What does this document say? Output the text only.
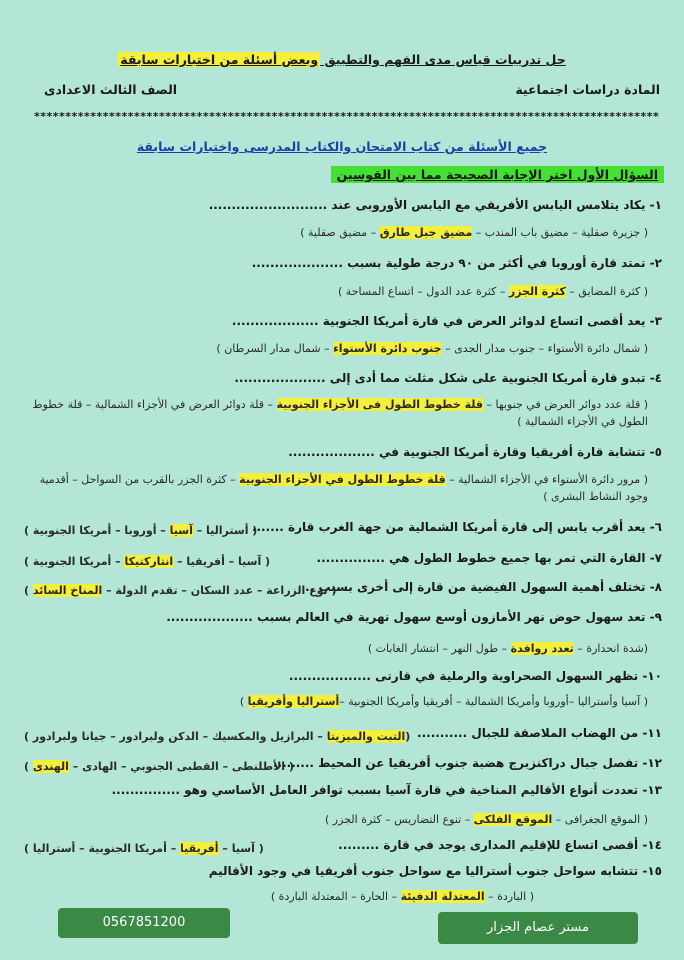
حل تدريبات قياس مدى الفهم والتطبيق وبعض أسئلة من اختبارات سابقة
المادة دراسات اجتماعية
الصف الثالث الاعدادى
****************************************************************************************************
جميع الأسئلة من كتاب الامتحان والكتاب المدرسى واختبارات سابقة
السؤال الأول اختر الإجابة الصحيحة مما بين القوسين
١- يكاد يتلامس اليابس الأفريقي مع اليابس الأوروبى عند ..........................
( جزيرة صقلية – مضيق باب المندب – مضيق جبل طارق – مضيق صقلية )
٢- تمتد قارة أوروبا في أكثر من ٩٠ درجة طولية بسبب ....................
( كثرة المضايق – كثرة الجزر – كثرة عدد الدول – اتساع المساحة )
٣- يعد أقصى اتساع لدوائر العرض في قارة أمريكا الجنوبية ...................
( شمال دائرة الأستواء – جنوب مدار الجدى – جنوب دائرة الأستواء – شمال مدار السرطان )
٤- تبدو قارة أمريكا الجنوبية على شكل مثلث مما أدى إلى ....................
( قلة عدد دوائر العرض في جنوبها – قلة خطوط الطول فى الأجزاء الجنوبية – قلة دوائر العرض في الأجزاء الشمالية – قلة خطوط الطول في الأجزاء الشمالية )
٥- تتشابة قارة أفريقيا وقارة أمريكا الجنوبية في ...................
( مرور دائرة الأستواء في الأجزاء الشمالية – قلة خطوط الطول في الأجزاء الجنوبية – كثرة الجزر بالقرب من السواحل – أقدمية وجود النشاط البشرى )
٦- يعد أقرب يابس إلى قارة أمريكا الشمالية من جهة الغرب قارة .......
( أستراليا – آسيا – أوروبا – أمريكا الجنوبية )
٧- القارة التي تمر بها جميع خطوط الطول هي ...............
( آسيا – أفريقيا – انتاركتيكا – أمريكا الجنوبية )
٨- تختلف أهمية السهول الفيضية من قارة إلى أخرى بسبب ..
( نوع الزراعة – عدد السكان – تقدم الدولة – المناخ السائد )
٩- تعد سهول حوض نهر الأمازون أوسع سهول نهرية في العالم بسبب ...................
(شدة انحدارة – تعدد روافدة – طول النهر – انتشار الغابات )
١٠- تظهر السهول الصحراوية والرملية في قارتى ..................
( آسيا وأستراليا –أوروبا وأمريكا الشمالية – أفريقيا وأمريكا الجنوبية –أستراليا وأفريقيا )
١١- من الهضاب الملاصقة للجبال ...........
(التبت والميزيتا – البرازيل والمكسيك – الدكن ولبرادور – جيانا ولبرادور )
١٢- تفصل جبال دراكنزبرج هضبة جنوب أفريقيا عن المحيط .........
( الأطلنطى – القطبى الجنوبي – الهادى – الهندى )
١٣- تعددت أنواع الأقاليم المناخية في قارة آسيا بسبب توافر العامل الأساسي وهو ...............
( الموقع الجغرافى – الموقع الفلكى – تنوع التضاريس – كثرة الجزر )
١٤- أقصى اتساع للإقليم المدارى يوجد في قارة .........
( آسيا – أفريقيا – أمريكا الجنوبية – أستراليا )
١٥- تتشابه سواحل جنوب أستراليا مع سواحل جنوب أفريقيا في وجود الأقاليم
( الباردة – المعتدلة الدفيئة – الحارة – المعتدلة الباردة )
0567851200	مستر عصام الجزار
